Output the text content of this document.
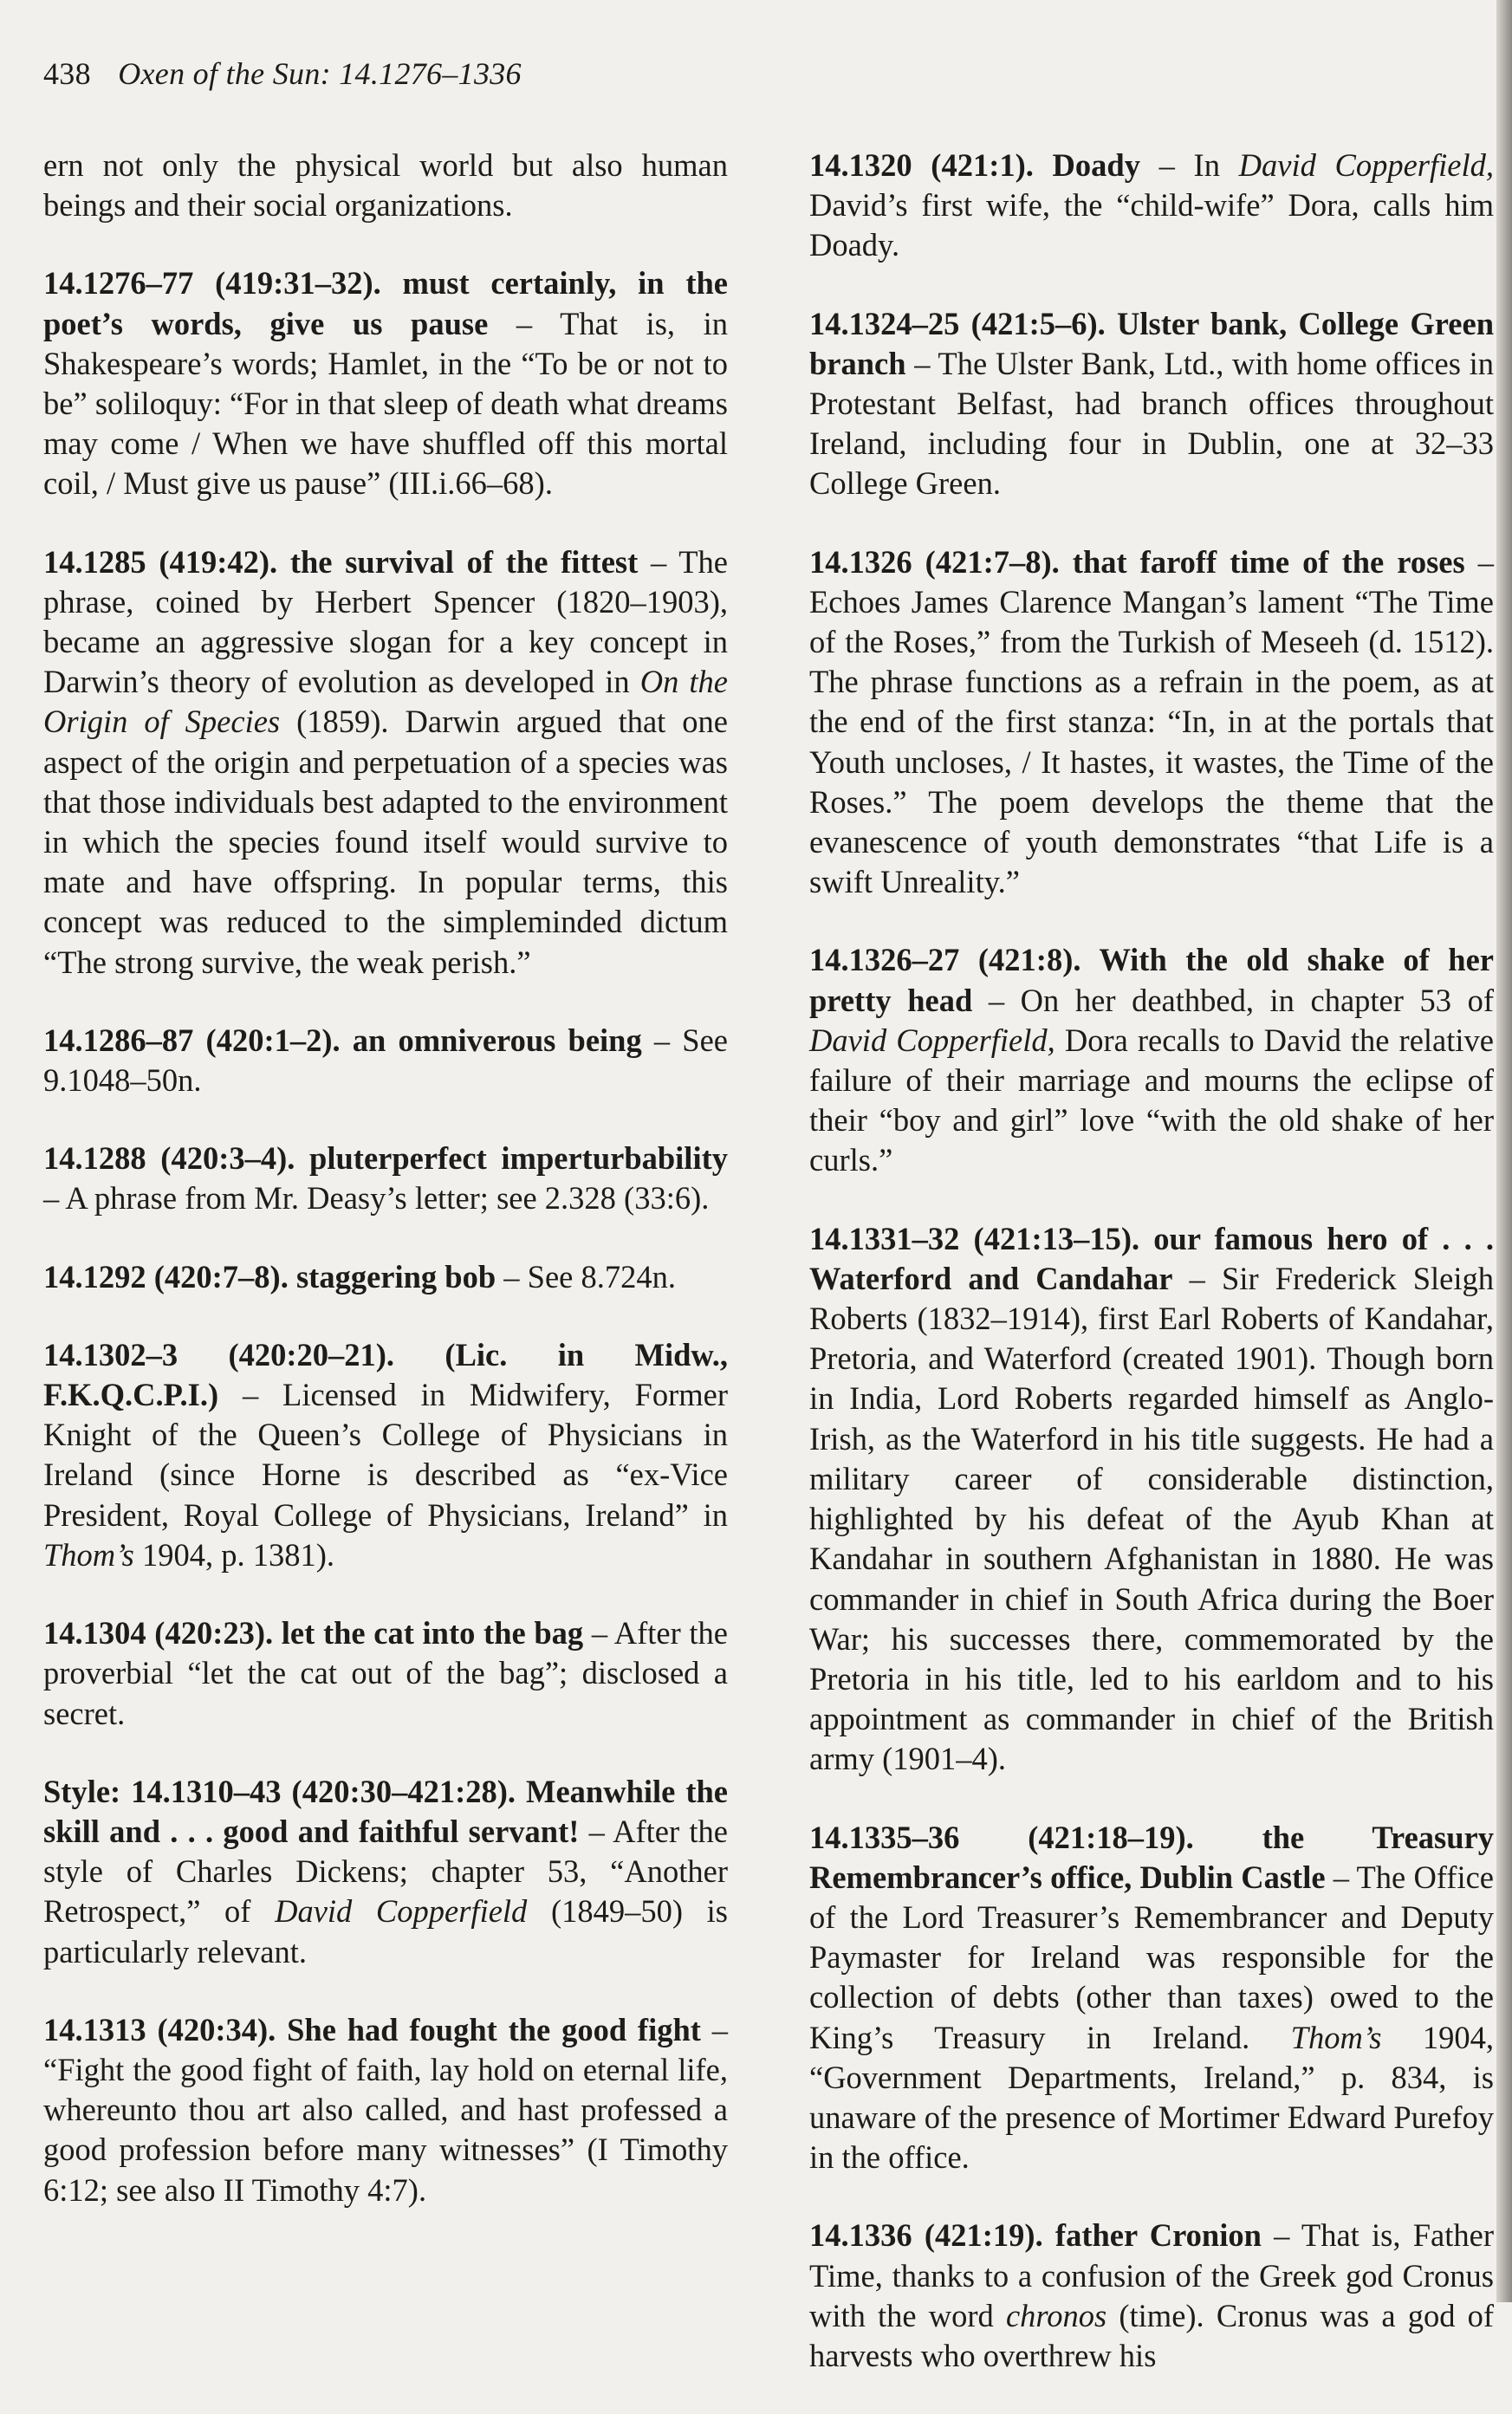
438 Oxen of the Sun: 14.1276–1336

ern not only the physical world but also human beings and their social organizations.

14.1276–77 (419:31–32). must certainly, in the poet’s words, give us pause – That is, in Shakespeare’s words; Hamlet, in the “To be or not to be” soliloquy: “For in that sleep of death what dreams may come / When we have shuffled off this mortal coil, / Must give us pause” (III.i.66–68).

14.1285 (419:42). the survival of the fittest – The phrase, coined by Herbert Spencer (1820–1903), became an aggressive slogan for a key concept in Darwin’s theory of evolution as developed in On the Origin of Species (1859). Darwin argued that one aspect of the origin and perpetuation of a species was that those individuals best adapted to the environment in which the species found itself would survive to mate and have offspring. In popular terms, this concept was reduced to the simpleminded dictum “The strong survive, the weak perish.”

14.1286–87 (420:1–2). an omniverous being – See 9.1048–50n.

14.1288 (420:3–4). pluterperfect imperturbability – A phrase from Mr. Deasy’s letter; see 2.328 (33:6).

14.1292 (420:7–8). staggering bob – See 8.724n.

14.1302–3 (420:20–21). (Lic. in Midw., F.K.Q.C.P.I.) – Licensed in Midwifery, Former Knight of the Queen’s College of Physicians in Ireland (since Horne is described as “ex-Vice President, Royal College of Physicians, Ireland” in Thom’s 1904, p. 1381).

14.1304 (420:23). let the cat into the bag – After the proverbial “let the cat out of the bag”; disclosed a secret.

Style: 14.1310–43 (420:30–421:28). Meanwhile the skill and . . . good and faithful servant! – After the style of Charles Dickens; chapter 53, “Another Retrospect,” of David Copperfield (1849–50) is particularly relevant.

14.1313 (420:34). She had fought the good fight – “Fight the good fight of faith, lay hold on eternal life, whereunto thou art also called, and hast professed a good profession before many witnesses” (I Timothy 6:12; see also II Timothy 4:7).

14.1320 (421:1). Doady – In David Copperfield, David’s first wife, the “child-wife” Dora, calls him Doady.

14.1324–25 (421:5–6). Ulster bank, College Green branch – The Ulster Bank, Ltd., with home offices in Protestant Belfast, had branch offices throughout Ireland, including four in Dublin, one at 32–33 College Green.

14.1326 (421:7–8). that faroff time of the roses – Echoes James Clarence Mangan’s lament “The Time of the Roses,” from the Turkish of Meseeh (d. 1512). The phrase functions as a refrain in the poem, as at the end of the first stanza: “In, in at the portals that Youth uncloses, / It hastes, it wastes, the Time of the Roses.” The poem develops the theme that the evanescence of youth demonstrates “that Life is a swift Unreality.”

14.1326–27 (421:8). With the old shake of her pretty head – On her deathbed, in chapter 53 of David Copperfield, Dora recalls to David the relative failure of their marriage and mourns the eclipse of their “boy and girl” love “with the old shake of her curls.”

14.1331–32 (421:13–15). our famous hero of . . . Waterford and Candahar – Sir Frederick Sleigh Roberts (1832–1914), first Earl Roberts of Kandahar, Pretoria, and Waterford (created 1901). Though born in India, Lord Roberts regarded himself as Anglo-Irish, as the Waterford in his title suggests. He had a military career of considerable distinction, highlighted by his defeat of the Ayub Khan at Kandahar in southern Afghanistan in 1880. He was commander in chief in South Africa during the Boer War; his successes there, commemorated by the Pretoria in his title, led to his earldom and to his appointment as commander in chief of the British army (1901–4).

14.1335–36 (421:18–19). the Treasury Remembrancer’s office, Dublin Castle – The Office of the Lord Treasurer’s Remembrancer and Deputy Paymaster for Ireland was responsible for the collection of debts (other than taxes) owed to the King’s Treasury in Ireland. Thom’s 1904, “Government Departments, Ireland,” p. 834, is unaware of the presence of Mortimer Edward Purefoy in the office.

14.1336 (421:19). father Cronion – That is, Father Time, thanks to a confusion of the Greek god Cronus with the word chronos (time). Cronus was a god of harvests who overthrew his
